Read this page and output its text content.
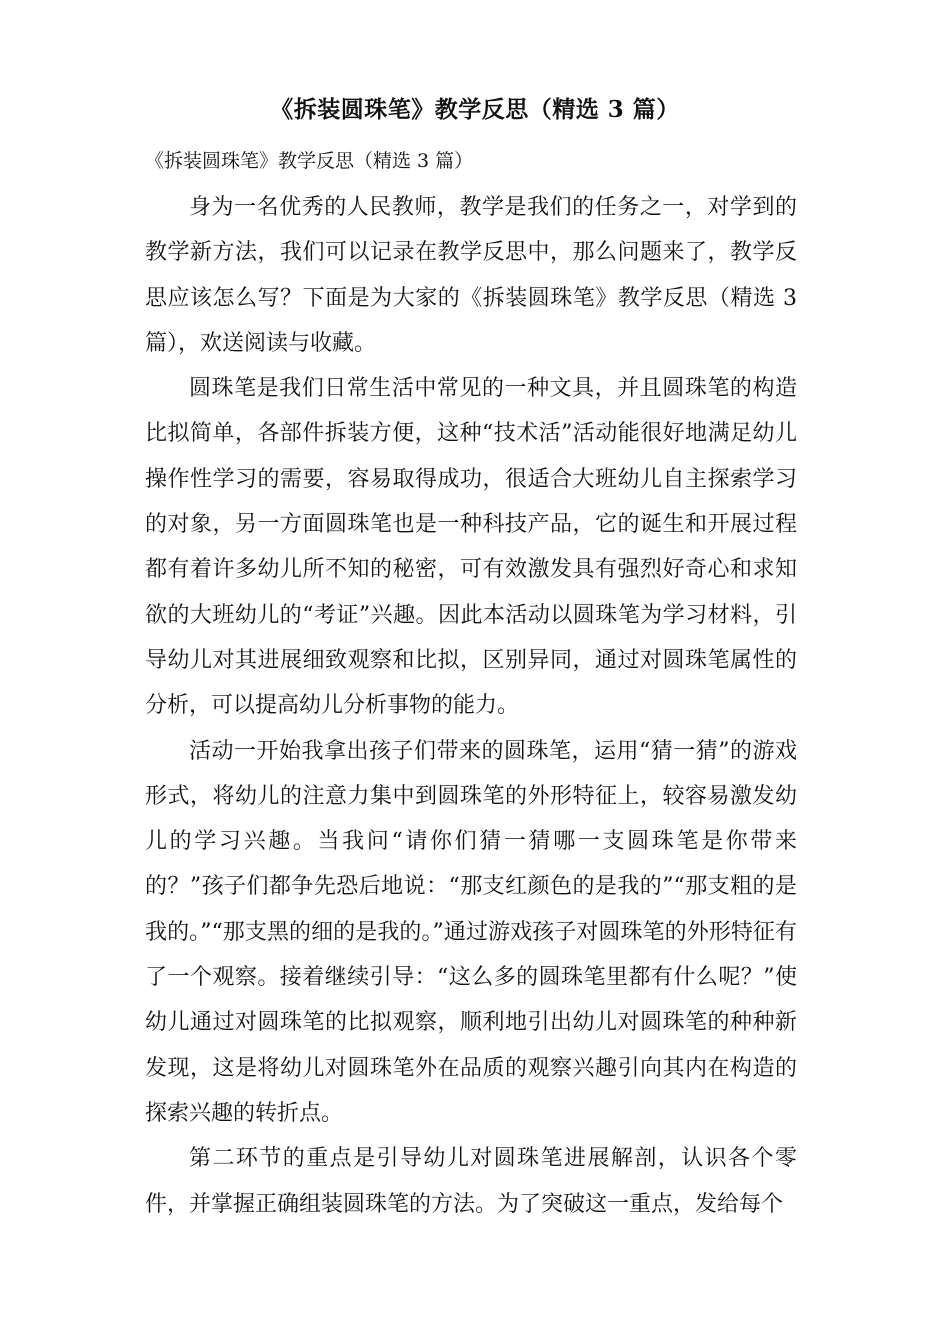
《拆装圆珠笔》教学反思（精选 3 篇）
《拆装圆珠笔》教学反思（精选 3 篇）

身为一名优秀的人民教师，教学是我们的任务之一，对学到的教学新方法，我们可以记录在教学反思中，那么问题来了，教学反思应该怎么写？下面是为大家的《拆装圆珠笔》教学反思（精选 3 篇），欢送阅读与收藏。

圆珠笔是我们日常生活中常见的一种文具，并且圆珠笔的构造比拟简单，各部件拆装方便，这种“技术活”活动能很好地满足幼儿操作性学习的需要，容易取得成功，很适合大班幼儿自主探索学习的对象，另一方面圆珠笔也是一种科技产品，它的诞生和开展过程都有着许多幼儿所不知的秘密，可有效激发具有强烈好奇心和求知欲的大班幼儿的“考证”兴趣。因此本活动以圆珠笔为学习材料，引导幼儿对其进展细致观察和比拟，区别异同，通过对圆珠笔属性的分析，可以提高幼儿分析事物的能力。

活动一开始我拿出孩子们带来的圆珠笔，运用“猜一猜”的游戏形式，将幼儿的注意力集中到圆珠笔的外形特征上，较容易激发幼儿的学习兴趣。当我问“请你们猜一猜哪一支圆珠笔是你带来的？”孩子们都争先恐后地说：“那支红颜色的是我的”“那支粗的是我的。”“那支黑的细的是我的。”通过游戏孩子对圆珠笔的外形特征有了一个观察。接着继续引导：“这么多的圆珠笔里都有什么呢？”使幼儿通过对圆珠笔的比拟观察，顺利地引出幼儿对圆珠笔的种种新发现，这是将幼儿对圆珠笔外在品质的观察兴趣引向其内在构造的探索兴趣的转折点。

第二环节的重点是引导幼儿对圆珠笔进展解剖，认识各个零件，并掌握正确组装圆珠笔的方法。为了突破这一重点，发给每个
